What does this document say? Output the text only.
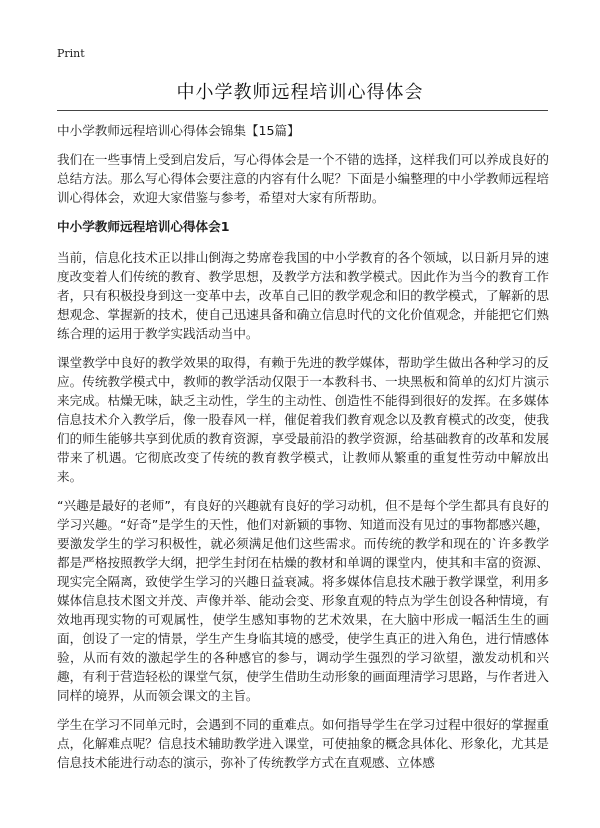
Print
中小学教师远程培训心得体会

中小学教师远程培训心得体会锦集【15篇】

我们在一些事情上受到启发后，写心得体会是一个不错的选择，这样我们可以养成良好的总结方法。那么写心得体会要注意的内容有什么呢？下面是小编整理的中小学教师远程培训心得体会，欢迎大家借鉴与参考，希望对大家有所帮助。

中小学教师远程培训心得体会1

当前，信息化技术正以排山倒海之势席卷我国的中小学教育的各个领域，以日新月异的速度改变着人们传统的教育、教学思想，及教学方法和教学模式。因此作为当今的教育工作者，只有积极投身到这一变革中去，改革自己旧的教学观念和旧的教学模式，了解新的思想观念、掌握新的技术，使自己迅速具备和确立信息时代的文化价值观念，并能把它们熟练合理的运用于教学实践活动当中。

课堂教学中良好的教学效果的取得，有赖于先进的教学媒体，帮助学生做出各种学习的反应。传统教学模式中，教师的教学活动仅限于一本教科书、一块黑板和简单的幻灯片演示来完成。枯燥无味，缺乏主动性，学生的主动性、创造性不能得到很好的发挥。在多媒体信息技术介入教学后，像一股春风一样，催促着我们教育观念以及教育模式的改变，使我们的师生能够共享到优质的教育资源，享受最前沿的教学资源，给基础教育的改革和发展带来了机遇。它彻底改变了传统的教育教学模式，让教师从繁重的重复性劳动中解放出来。

“兴趣是最好的老师”，有良好的兴趣就有良好的学习动机，但不是每个学生都具有良好的学习兴趣。“好奇”是学生的天性，他们对新颖的事物、知道而没有见过的事物都感兴趣，要激发学生的学习积极性，就必须满足他们这些需求。而传统的教学和现在的`许多教学都是严格按照教学大纲，把学生封闭在枯燥的教材和单调的课堂内，使其和丰富的资源、现实完全隔离，致使学生学习的兴趣日益衰减。将多媒体信息技术融于教学课堂，利用多媒体信息技术图文并茂、声像并举、能动会变、形象直观的特点为学生创设各种情境，有效地再现实物的可观属性，使学生感知事物的艺术效果，在大脑中形成一幅活生生的画面，创设了一定的情景，学生产生身临其境的感受，使学生真正的进入角色，进行情感体验，从而有效的激起学生的各种感官的参与，调动学生强烈的学习欲望，激发动机和兴趣，有利于营造轻松的课堂气氛，使学生借助生动形象的画面理清学习思路，与作者进入同样的境界，从而领会课文的主旨。

学生在学习不同单元时，会遇到不同的重难点。如何指导学生在学习过程中很好的掌握重点，化解难点呢？信息技术辅助教学进入课堂，可使抽象的概念具体化、形象化，尤其是信息技术能进行动态的演示，弥补了传统教学方式在直观感、立体感
